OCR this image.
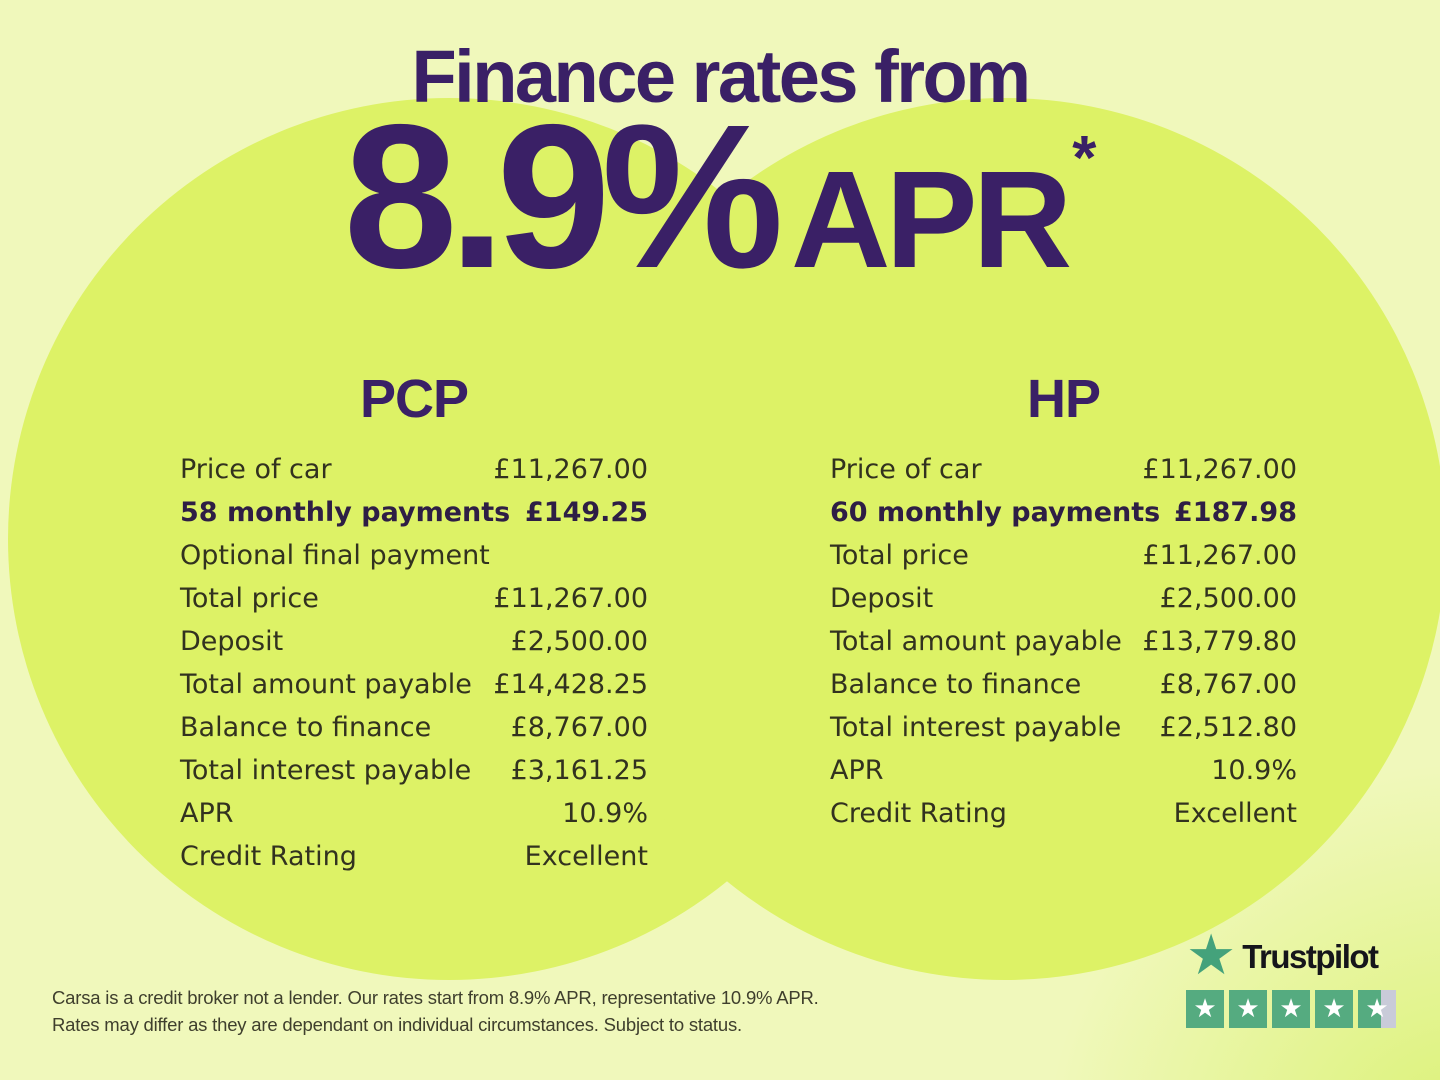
Finance rates from
8.9% APR*
PCP
Price of car	£11,267.00
58 monthly payments £149.25
Optional final payment
Total price	£11,267.00
Deposit	£2,500.00
Total amount payable £14,428.25
Balance to finance	£8,767.00
Total interest payable £3,161.25
APR	10.9%
Credit Rating	Excellent
HP
Price of car	£11,267.00
60 monthly payments £187.98
Total price	£11,267.00
Deposit	£2,500.00
Total amount payable £13,779.80
Balance to finance	£8,767.00
Total interest payable £2,512.80
APR	10.9%
Credit Rating	Excellent

Carsa is a credit broker not a lender. Our rates start from 8.9% APR, representative 10.9% APR.
Rates may differ as they are dependant on individual circumstances. Subject to status.

★ Trustpilot
★ ★ ★ ★ ★
